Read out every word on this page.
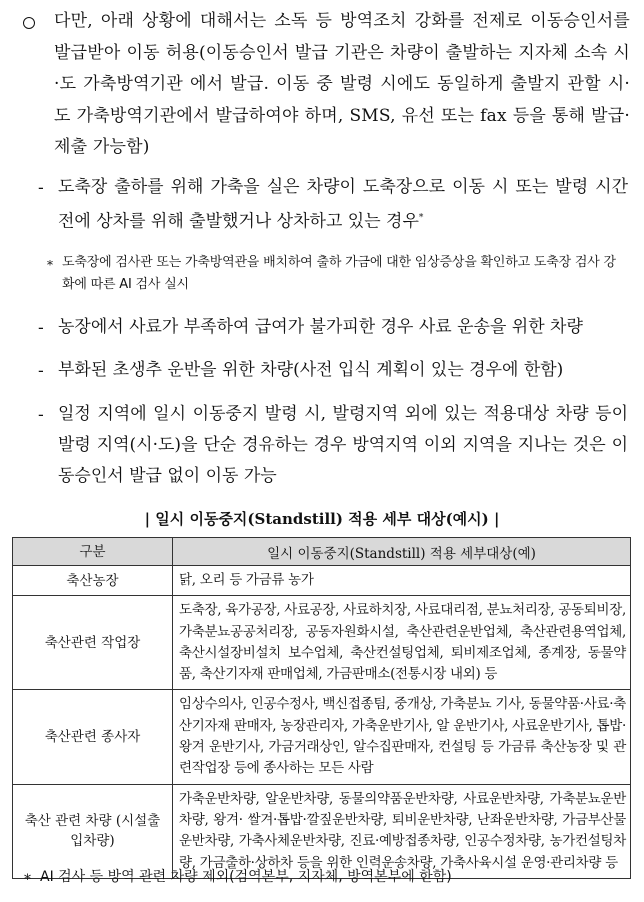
다만, 아래 상황에 대해서는 소독 등 방역조치 강화를 전제로 이동승인서를 발급받아 이동 허용(이동승인서 발급 기관은 차량이 출발하는 지자체 소속 시·도 가축방역기관 에서 발급. 이동 중 발령 시에도 동일하게 출발지 관할 시·도 가축방역기관에서 발급하여야 하며, SMS, 유선 또는 fax 등을 통해 발급·제출 가능함)
- 도축장 출하를 위해 가축을 실은 차량이 도축장으로 이동 시 또는 발령 시간 전에 상차를 위해 출발했거나 상차하고 있는 경우*
* 도축장에 검사관 또는 가축방역관을 배치하여 출하 가금에 대한 임상증상을 확인하고 도축장 검사 강화에 따른 AI 검사 실시
- 농장에서 사료가 부족하여 급여가 불가피한 경우 사료 운송을 위한 차량
- 부화된 초생추 운반을 위한 차량(사전 입식 계획이 있는 경우에 한함)
- 일정 지역에 일시 이동중지 발령 시, 발령지역 외에 있는 적용대상 차량 등이 발령 지역(시·도)을 단순 경유하는 경우 방역지역 이외 지역을 지나는 것은 이동승인서 발급 없이 이동 가능
| 일시 이동중지(Standstill) 적용 세부 대상(예시) |
구분	일시 이동중지(Standstill) 적용 세부대상(예)
축산농장	닭, 오리 등 가금류 농가
축산관련 작업장	도축장, 육가공장, 사료공장, 사료하치장, 사료대리점, 분뇨처리장, 공동퇴비장, 가축분뇨공공처리장, 공동자원화시설, 축산관련운반업체, 축산관련용역업체, 축산시설장비설치 보수업체, 축산컨설팅업체, 퇴비제조업체, 종계장, 동물약품, 축산기자재 판매업체, 가금판매소(전통시장 내외) 등
축산관련 종사자	임상수의사, 인공수정사, 백신접종팀, 중개상, 가축분뇨 기사, 동물약품·사료·축산기자재 판매자, 농장관리자, 가축운반기사, 알 운반기사, 사료운반기사, 톱밥·왕겨 운반기사, 가금거래상인, 알수집판매자, 컨설팅 등 가금류 축산농장 및 관련작업장 등에 종사하는 모든 사람
축산 관련 차량 (시설출입차량)	가축운반차량, 알운반차량, 동물의약품운반차량, 사료운반차량, 가축분뇨운반차량, 왕겨· 쌀겨·톱밥·깔짚운반차량, 퇴비운반차량, 난좌운반차량, 가금부산물운반차량, 가축사체운반차량, 진료·예방접종차량, 인공수정차량, 농가컨설팅차량, 가금출하·상하차 등을 위한 인력운송차량, 가축사육시설 운영·관리차량 등
* AI 검사 등 방역 관련 차량 제외(검역본부, 지자체, 방역본부에 한함)
